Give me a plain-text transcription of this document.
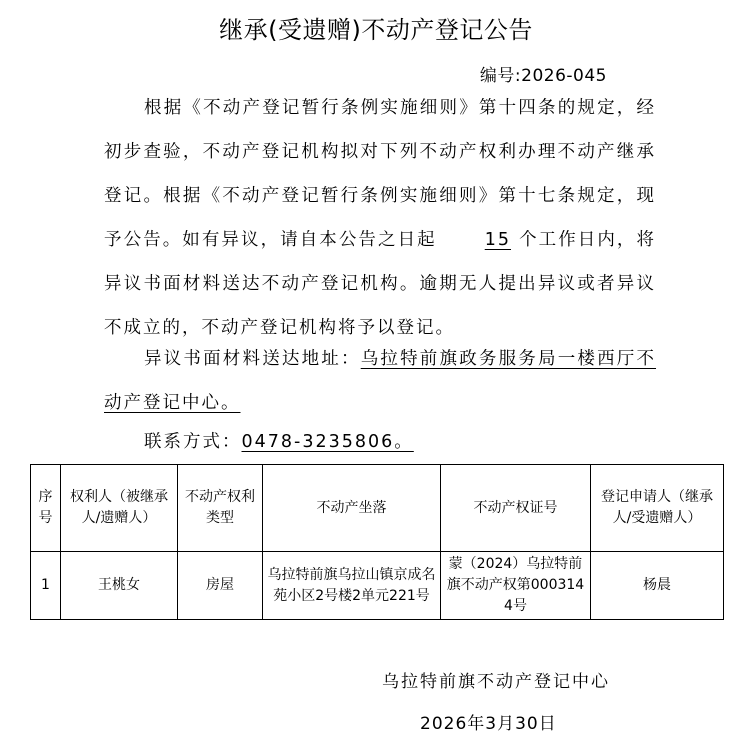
继承(受遗赠)不动产登记公告
编号:2026-045
根据《不动产登记暂行条例实施细则》第十四条的规定，经初步查验，不动产登记机构拟对下列不动产权利办理不动产继承登记。根据《不动产登记暂行条例实施细则》第十七条规定，现予公告。如有异议，请自本公告之日起	15 个工作日内，将异议书面材料送达不动产登记机构。逾期无人提出异议或者异议不成立的，不动产登记机构将予以登记。
异议书面材料送达地址：乌拉特前旗政务服务局一楼西厅不动产登记中心。
联系方式：0478-3235806。
序号	权利人（被继承人/遗赠人）	不动产权利类型	不动产坐落	不动产权证号	登记申请人（继承人/受遗赠人）
1	王桃女	房屋	乌拉特前旗乌拉山镇京成名苑小区2号楼2单元221号	蒙（2024）乌拉特前旗不动产权第0003144号	杨晨
乌拉特前旗不动产登记中心
2026年3月30日
